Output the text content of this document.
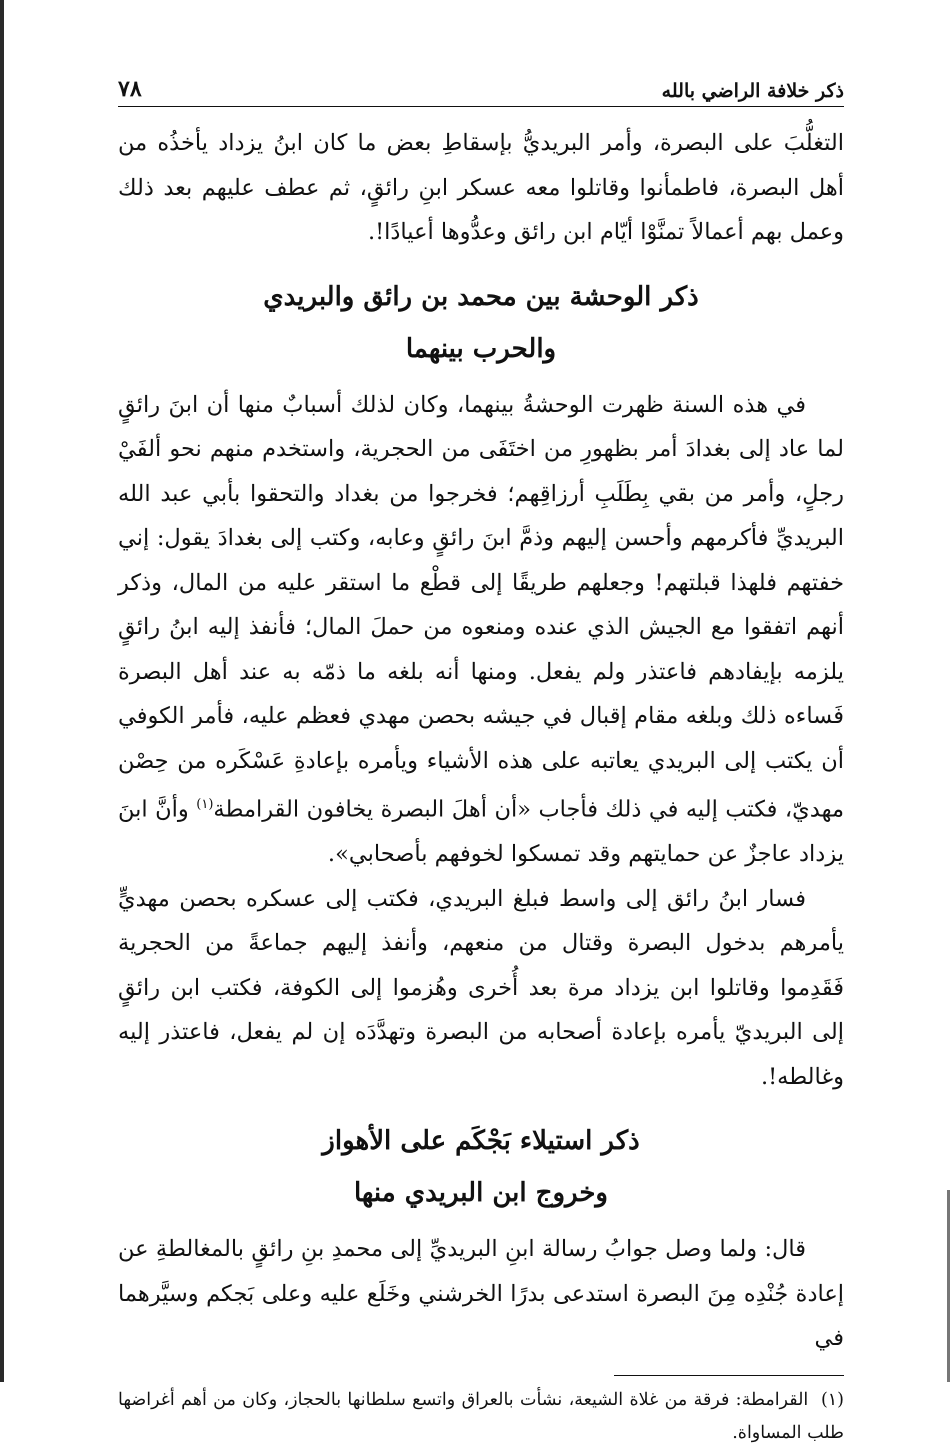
ذكر خلافة الراضي بالله
٧٨

التغلُّبَ على البصرة، وأمر البريديُّ بإسقاطِ بعض ما كان ابنُ يزداد يأخذُه من أهل البصرة، فاطمأنوا وقاتلوا معه عسكر ابنِ رائقٍ، ثم عطف عليهم بعد ذلك وعمل بهم أعمالاً تمنَّوْا أيّام ابن رائق وعدُّوها أعيادًا!.

ذكر الوحشة بين محمد بن رائق والبريدي
والحرب بينهما

في هذه السنة ظهرت الوحشةُ بينهما، وكان لذلك أسبابٌ منها أن ابنَ رائقٍ لما عاد إلى بغدادَ أمر بظهورِ من اختَفَى من الحجرية، واستخدم منهم نحو ألفَيْ رجلٍ، وأمر من بقي بِطَلَبِ أرزاقِهم؛ فخرجوا من بغداد والتحقوا بأبي عبد الله البريديِّ فأكرمهم وأحسن إليهم وذمَّ ابنَ رائقٍ وعابه، وكتب إلى بغدادَ يقول: إني خفتهم فلهذا قبلتهم! وجعلهم طريقًا إلى قطْع ما استقر عليه من المال، وذكر أنهم اتفقوا مع الجيش الذي عنده ومنعوه من حملَ المال؛ فأنفذ إليه ابنُ رائقٍ يلزمه بإيفادهم فاعتذر ولم يفعل. ومنها أنه بلغه ما ذمّه به عند أهل البصرة فَساءه ذلك وبلغه مقام إقبال في جيشه بحصن مهدي فعظم عليه، فأمر الكوفي أن يكتب إلى البريدي يعاتبه على هذه الأشياء ويأمره بإعادةِ عَسْكَره من حِصْن مهديّ، فكتب إليه في ذلك فأجاب «أن أهلَ البصرة يخافون القرامطة$^{(١)}$ وأنَّ ابنَ يزداد عاجزٌ عن حمايتهم وقد تمسكوا لخوفهم بأصحابي».

فسار ابنُ رائق إلى واسط فبلغ البريدي، فكتب إلى عسكره بحصن مهديٍّ يأمرهم بدخول البصرة وقتال من منعهم، وأنفذ إليهم جماعةً من الحجرية فَقَدِموا وقاتلوا ابن يزداد مرة بعد أُخرى وهُزموا إلى الكوفة، فكتب ابن رائقٍ إلى البريديّ يأمره بإعادة أصحابه من البصرة وتهدَّدَه إن لم يفعل، فاعتذر إليه وغالطه!.

ذكر استيلاء بَجْكَم على الأهواز
وخروج ابن البريدي منها

قال: ولما وصل جوابُ رسالة ابنِ البريديِّ إلى محمدِ بنِ رائقٍ بالمغالطةِ عن إعادة جُنْدِه مِنَ البصرة استدعى بدرًا الخرشني وخَلَع عليه وعلى بَجكم وسيَّرهما في

(١)  القرامطة: فرقة من غلاة الشيعة، نشأت بالعراق واتسع سلطانها بالحجاز، وكان من أهم أغراضها طلب المساواة.
